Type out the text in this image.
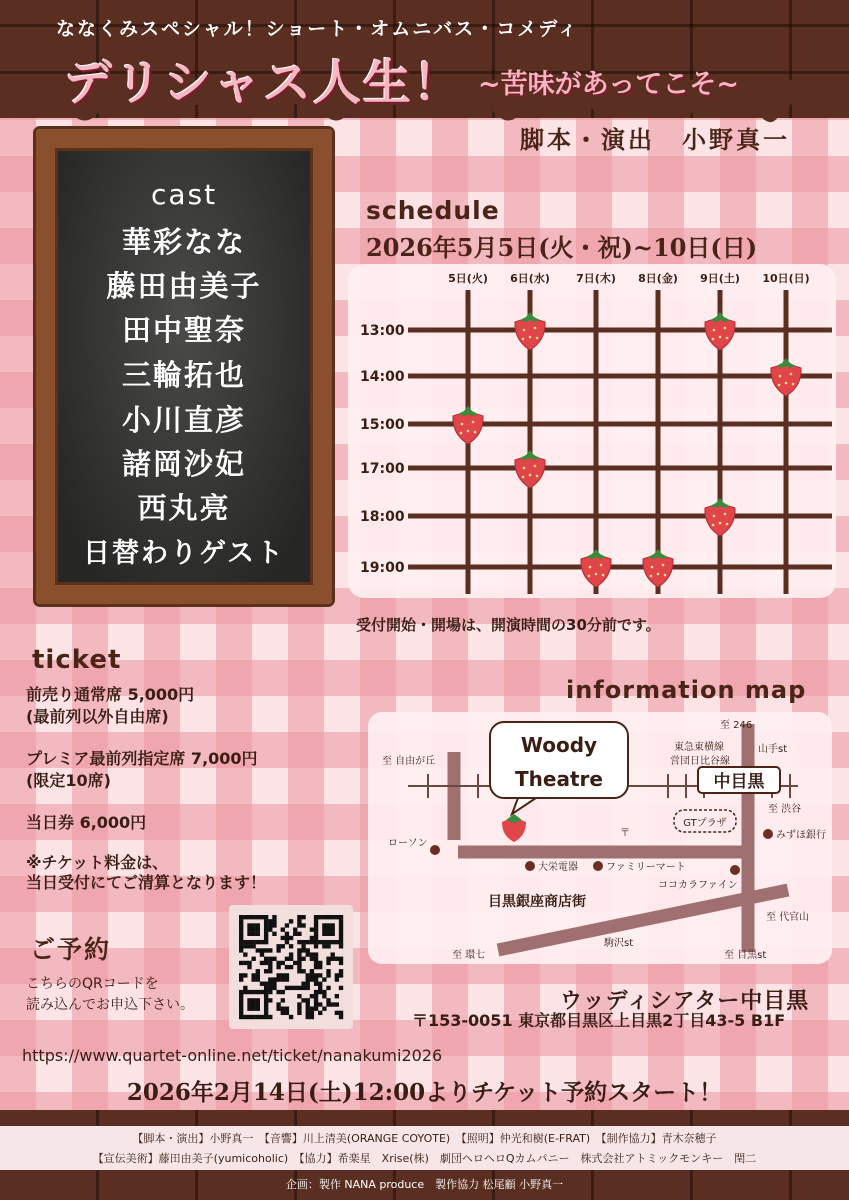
ななくみスペシャル！ショート・オムニバス・コメディ
デリシャス人生！ ~苦味があってこそ~
脚本・演出　小野真一
cast
華彩なな
藤田由美子
田中聖奈
三輪拓也
小川直彦
諸岡沙妃
西丸亮
日替わりゲスト
schedule
2026年5月5日(火・祝)~10日(日)
5日(火) 6日(水) 7日(木) 8日(金) 9日(土) 10日(日)
13:00
14:00
15:00
17:00
18:00
19:00
受付開始・開場は、開演時間の30分前です。
ticket
前売り通常席 5,000円
(最前列以外自由席)
プレミア最前列指定席 7,000円
(限定10席)
当日券 6,000円
※チケット料金は、
当日受付にてご清算となります！
ご予約
こちらのQRコードを
読み込んでお申込下さい。
https://www.quartet-online.net/ticket/nanakumi2026
information map
Woody
Theatre	中目黒
GTプラザ
至 246
至 自由が丘
東急東横線
営団日比谷線
山手st
至 渋谷
みずほ銀行
〒
ローソン
大栄電器	ファミリーマート
ココカラファイン
至 代官山
至 環七
駒沢st
至 目黒st
目黒銀座商店街
ウッディシアター中目黒
〒153-0051 東京都目黒区上目黒2丁目43-5 B1F
2026年2月14日(土)12:00よりチケット予約スタート！
【脚本・演出】小野真一　【音響】川上清美(ORANGE COYOTE)　【照明】仲光和樹(E-FRAT)　【制作協力】青木奈穂子
【宣伝美術】藤田由美子(yumicoholic)　【協力】希楽星　Xrise(株)　劇団ヘロヘロQカムパニー　株式会社アトミックモンキー　閏二
企画：製作 NANA produce　製作協力 松尾顧 小野真一
